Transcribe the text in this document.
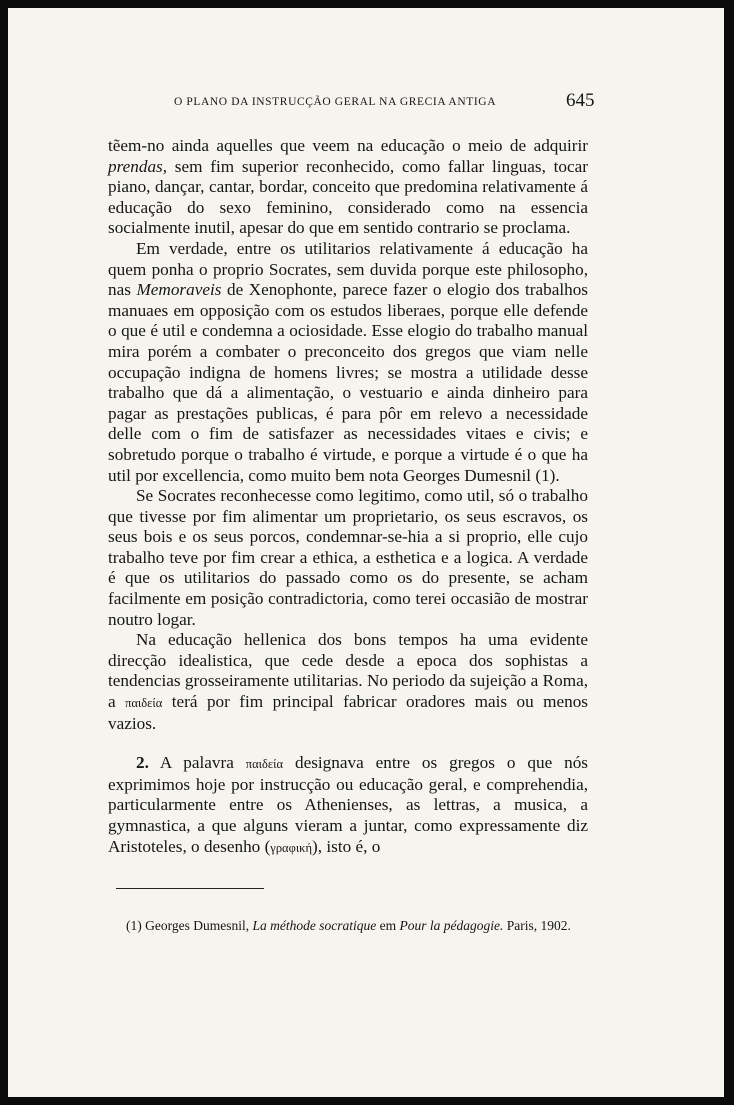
O PLANO DA INSTRUCÇÃO GERAL NA GRECIA ANTIGA	645

tẽem-no ainda aquelles que veem na educação o meio de adquirir prendas, sem fim superior reconhecido, como fallar linguas, tocar piano, dançar, cantar, bordar, conceito que predomina relativamente á educação do sexo feminino, considerado como na essencia socialmente inutil, apesar do que em sentido contrario se proclama.

Em verdade, entre os utilitarios relativamente á educação ha quem ponha o proprio Socrates, sem duvida porque este philosopho, nas Memoraveis de Xenophonte, parece fazer o elogio dos trabalhos manuaes em opposição com os estudos liberaes, porque elle defende o que é util e condemna a ociosidade. Esse elogio do trabalho manual mira porém a combater o preconceito dos gregos que viam nelle occupação indigna de homens livres; se mostra a utilidade desse trabalho que dá a alimentação, o vestuario e ainda dinheiro para pagar as prestações publicas, é para pôr em relevo a necessidade delle com o fim de satisfazer as necessidades vitaes e civis; e sobretudo porque o trabalho é virtude, e porque a virtude é o que ha util por excellencia, como muito bem nota Georges Dumesnil (1).

Se Socrates reconhecesse como legitimo, como util, só o trabalho que tivesse por fim alimentar um proprietario, os seus escravos, os seus bois e os seus porcos, condemnar-se-hia a si proprio, elle cujo trabalho teve por fim crear a ethica, a esthetica e a logica. A verdade é que os utilitarios do passado como os do presente, se acham facilmente em posição contradictoria, como terei occasião de mostrar noutro logar.

Na educação hellenica dos bons tempos ha uma evidente direcção idealistica, que cede desde a epoca dos sophistas a tendencias grosseiramente utilitarias. No periodo da sujeição a Roma, a παιδεία terá por fim principal fabricar oradores mais ou menos vazios.

2. A palavra παιδεία designava entre os gregos o que nós exprimimos hoje por instrucção ou educação geral, e comprehendia, particularmente entre os Athenienses, as lettras, a musica, a gymnastica, a que alguns vieram a juntar, como expressamente diz Aristoteles, o desenho (γραφική), isto é, o

(1) Georges Dumesnil, La méthode socratique em Pour la pédagogie. Paris, 1902.
